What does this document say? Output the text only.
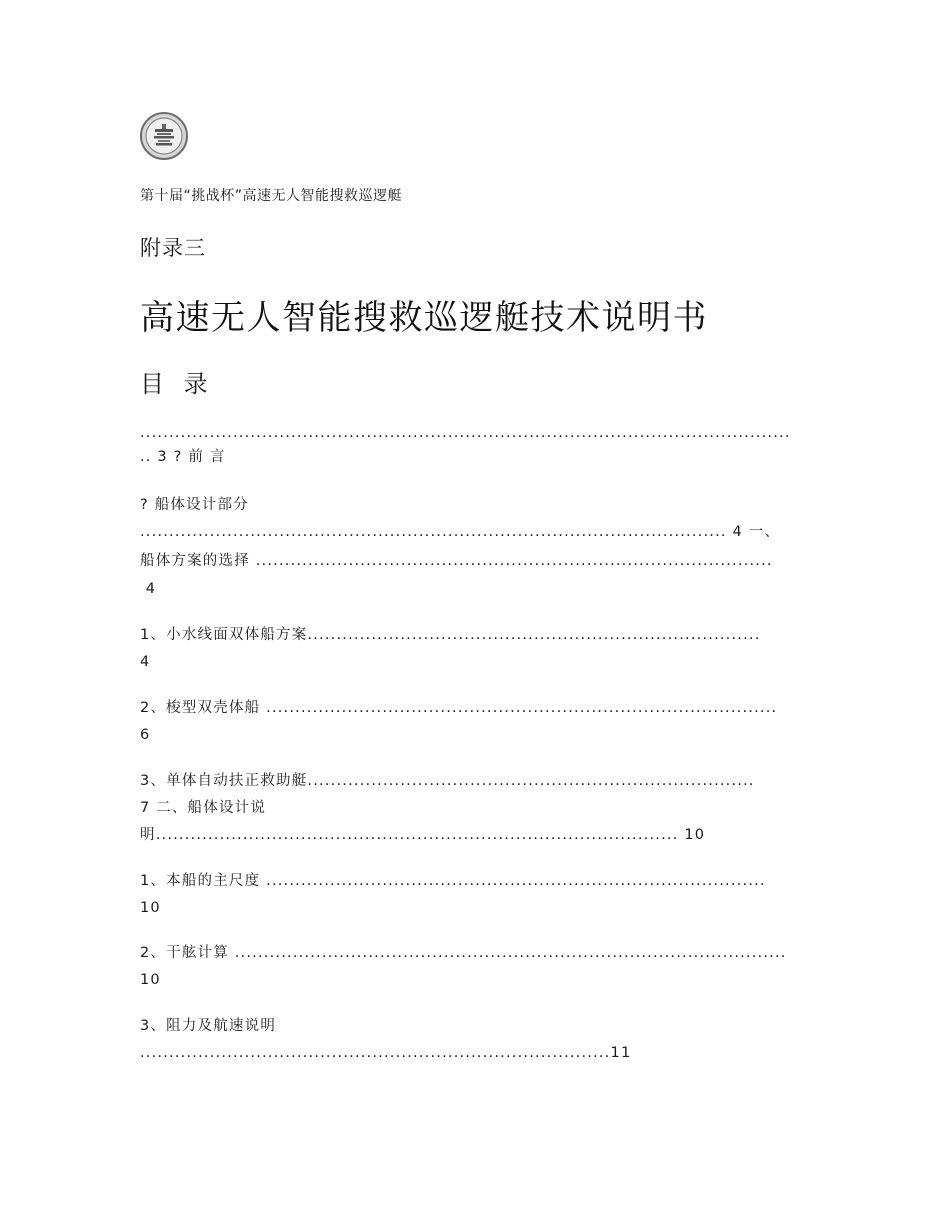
第十届“挑战杯”高速无人智能搜救巡逻艇
附录三
高速无人智能搜救巡逻艇技术说明书
目 录
................................................................................................................
.. 3 ? 前 言
? 船体设计部分
..................................................................................................... 4 一、
船体方案的选择 .........................................................................................
4
1、小水线面双体船方案..............................................................................
4
2、梭型双壳体船 ........................................................................................
6
3、单体自动扶正救助艇.............................................................................
7 二、船体设计说
明.......................................................................................... 10
1、本船的主尺度 ......................................................................................
10
2、干舷计算 ...............................................................................................
10
3、阻力及航速说明
.................................................................................11
